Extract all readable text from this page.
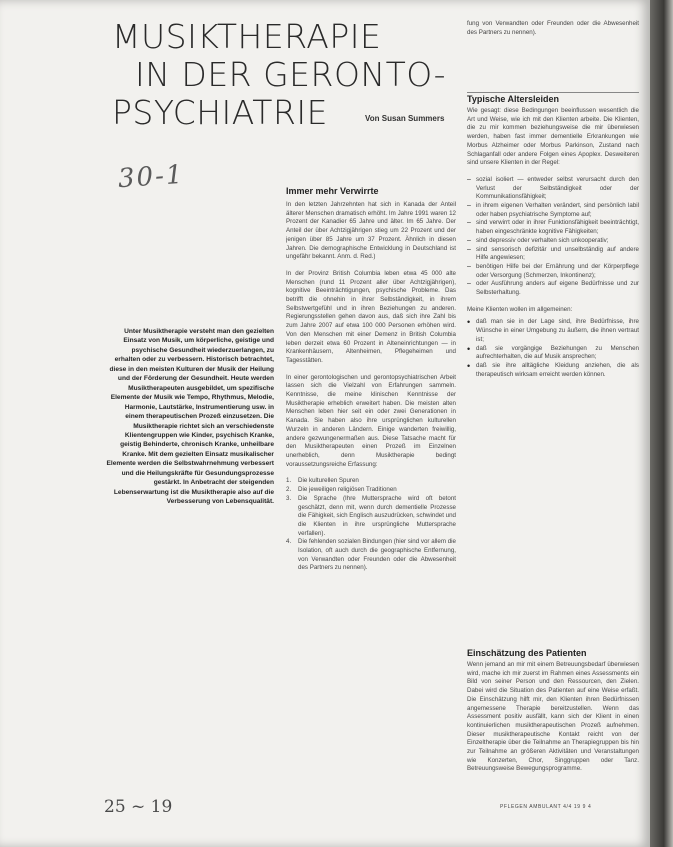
MUSIKTHERAPIE
IN DER GERONTO-
PSYCHIATRIE	Von Susan Summers
30-1
Unter Musiktherapie versteht man den gezielten Einsatz von Musik, um körperliche, geistige und psychische Gesundheit wiederzuerlangen, zu erhalten oder zu verbessern. Historisch betrachtet, diese in den meisten Kulturen der Musik der Heilung und der Förderung der Gesundheit. Heute werden Musiktherapeuten ausgebildet, um spezifische Elemente der Musik wie Tempo, Rhythmus, Melodie, Harmonie, Lautstärke, Instrumentierung usw. in einem therapeutischen Prozeß einzusetzen. Die Musiktherapie richtet sich an verschiedenste Klientengruppen wie Kinder, psychisch Kranke, geistig Behinderte, chronisch Kranke, unheilbare Kranke. Mit dem gezielten Einsatz musikalischer Elemente werden die Selbstwahrnehmung verbessert und die Heilungskräfte für Gesundungsprozesse gestärkt. In Anbetracht der steigenden Lebenserwartung ist die Musiktherapie also auf die Verbesserung von Lebensqualität.
Immer mehr Verwirrte

In den letzten Jahrzehnten hat sich in Kanada der Anteil älterer Menschen dramatisch erhöht. Im Jahre 1991 waren 12 Prozent der Kanadier 65 Jahre und älter. Im 65 Jahre. Der Anteil der über Achtzigjährigen stieg um 22 Prozent und der jenigen über 85 Jahre um 37 Prozent. Ähnlich in diesen Jahren. Die demographische Entwicklung in Deutschland ist ungefähr bekannt. Anm. d. Red.)

In der Provinz British Columbia leben etwa 45 000 alte Menschen (rund 11 Prozent aller über Achtzigjährigen), kognitive Beeinträchtigungen, psychische Probleme. Das betrifft die ohnehin in ihrer Selbständigkeit, in ihrem Selbstwertgefühl und in ihren Beziehungen zu anderen. Regierungsstellen gehen davon aus, daß sich ihre Zahl bis zum Jahre 2007 auf etwa 100 000 Personen erhöhen wird. Von den Menschen mit einer Demenz in British Columbia leben derzeit etwa 60 Prozent in Alteneinrichtungen — in Krankenhäusern, Altenheimen, Pflegeheimen und Tagesstätten.

In einer gerontologischen und gerontopsychiatrischen Arbeit lassen sich die Vielzahl von Erfahrungen sammeln. Kenntnisse, die meine klinischen Kenntnisse der Musiktherapie erheblich erweitert haben. Die meisten alten Menschen leben hier seit ein oder zwei Generationen in Kanada. Sie haben also ihre ursprünglichen kulturellen Wurzeln in anderen Ländern. Einige wanderten freiwillig, andere gezwungenermaßen aus. Diese Tatsache macht für den Musiktherapeuten einen Prozeß im Einzelnen unerheblich, denn Musiktherapie bedingt voraussetzungsreiche Erfassung:

1. Die kulturellen Spuren
2. Die jeweiligen religiösen Traditionen
3. Die Sprache (Ihre Muttersprache wird oft betont geschätzt, denn mit, wenn durch dementielle Prozesse die Fähigkeit, sich Englisch auszudrücken, schwindet und die Klienten in ihre ursprüngliche Muttersprache verfallen).
4. Die fehlenden sozialen Bindungen (hier sind vor allem die Isolation, oft auch durch die geographische Entfernung, von Verwandten oder Freunden oder die Abwesenheit des Partners zu nennen).

fung von Verwandten oder Freunden oder die Abwesenheit des Partners zu nennen).

Typische Altersleiden

Wie gesagt: diese Bedingungen beeinflussen wesentlich die Art und Weise, wie ich mit den Klienten arbeite. Die Klienten, die zu mir kommen beziehungsweise die mir überwiesen werden, haben fast immer dementielle Erkrankungen wie Morbus Alzheimer oder Morbus Parkinson, Zustand nach Schlaganfall oder andere Folgen eines Apoplex. Desweiteren sind unsere Klienten in der Regel:

– sozial isoliert — entweder selbst verursacht durch den Verlust der Selbständigkeit oder der Kommunikationsfähigkeit;
– in ihrem eigenen Verhalten verändert, sind persönlich labil oder haben psychiatrische Symptome auf;
– sind verwirrt oder in ihrer Funktionsfähigkeit beeinträchtigt, haben eingeschränkte kognitive Fähigkeiten;
– sind depressiv oder verhalten sich unkooperativ;
– sind sensorisch defizitär und unselbständig auf andere Hilfe angewiesen;
– benötigen Hilfe bei der Ernährung und der Körperpflege oder Versorgung (Schmerzen, Inkontinenz);
– oder Ausführung anders auf eigene Bedürfnisse und zur Selbsterhaltung.

Meine Klienten wollen im allgemeinen:

• daß man sie in der Lage sind, ihre Bedürfnisse, ihre Wünsche in einer Umgebung zu äußern, die ihnen vertraut ist;
• daß sie vorgängige Beziehungen zu Menschen aufrechterhalten, die auf Musik ansprechen;
• daß sie ihre alltägliche Kleidung anziehen, die als therapeutisch wirksam erreicht werden können.
Einschätzung des Patienten

Wenn jemand an mir mit einem Betreuungsbedarf überwiesen wird, mache ich mir zuerst im Rahmen eines Assessments ein Bild von seiner Person und den Ressourcen, den Zielen. Dabei wird die Situation des Patienten auf eine Weise erfaßt. Die Einschätzung hilft mir, den Klienten ihren Bedürfnissen angemessene Therapie bereitzustellen. Wenn das Assessment positiv ausfällt, kann sich der Klient in einen kontinuierlichen musiktherapeutischen Prozeß aufnehmen. Dieser musiktherapeutische Kontakt reicht von der Einzeltherapie über die Teilnahme an Therapiegruppen bis hin zur Teilnahme an größeren Aktivitäten und Veranstaltungen wie Konzerten, Chor, Singgruppen oder Tanz. Betreuungsweise Bewegungsprogramme.

25 ~ 19	PFLEGEN AMBULANT 4/4 19 9 4
